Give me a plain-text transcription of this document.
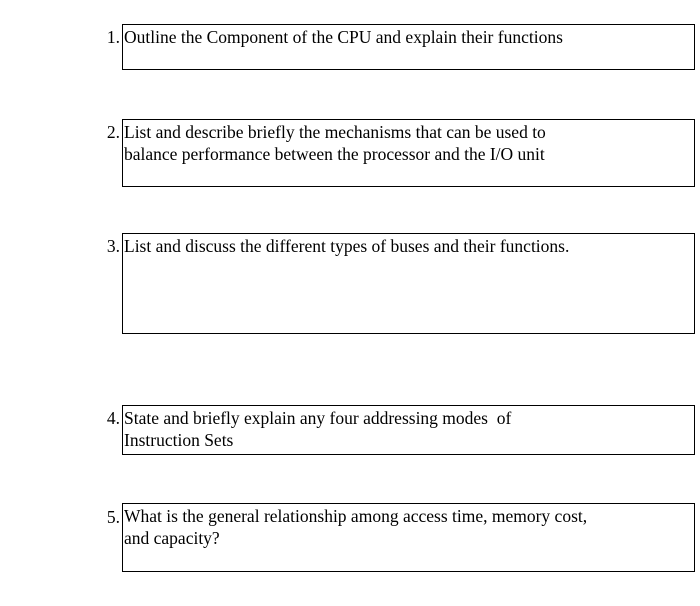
1. Outline the Component of the CPU and explain their functions
2. List and describe briefly the mechanisms that can be used to
balance performance between the processor and the I/O unit
3. List and discuss the different types of buses and their functions.
4. State and briefly explain any four addressing modes  of
Instruction Sets
5. What is the general relationship among access time, memory cost,
and capacity?
